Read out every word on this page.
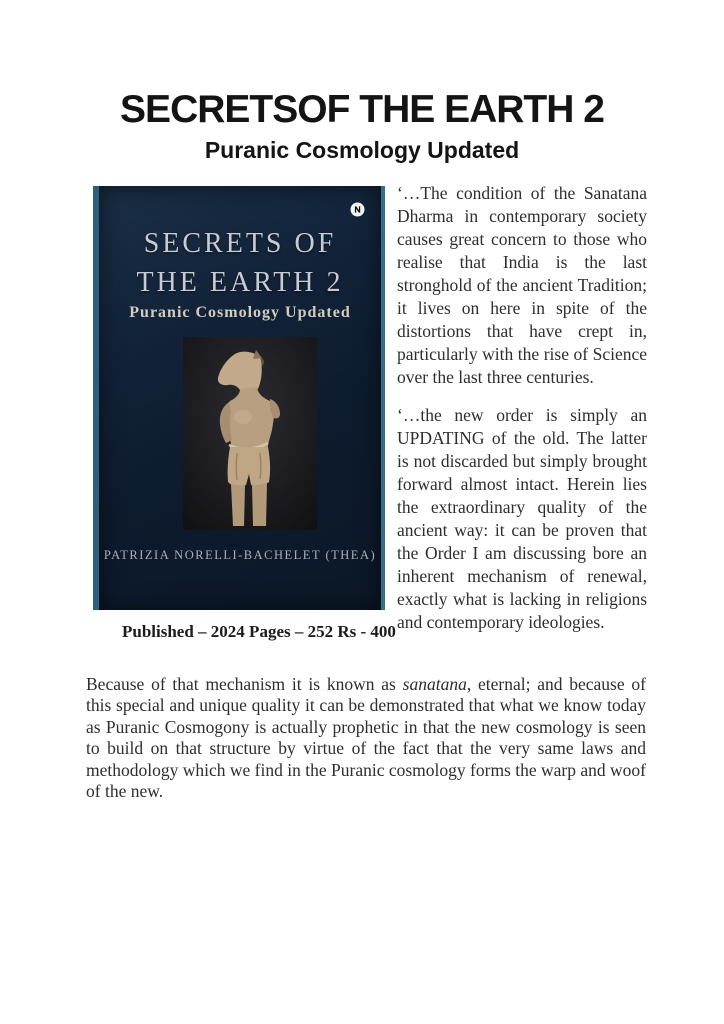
SECRETSOF THE EARTH 2
Puranic Cosmology Updated
SECRETS OF
THE EARTH 2
Puranic Cosmology Updated
PATRIZIA NORELLI-BACHELET (THEA)

‘…The condition of the Sanatana Dharma in contemporary society causes great concern to those who realise that India is the last stronghold of the ancient Tradition; it lives on here in spite of the distortions that have crept in, particularly with the rise of Science over the last three centuries.

‘…the new order is simply an UPDATING of the old. The latter is not discarded but simply brought forward almost intact. Herein lies the extraordinary quality of the ancient way: it can be proven that the Order I am discussing bore an inherent mechanism of renewal, exactly what is lacking in religions and contemporary ideologies.

Published – 2024 Pages – 252 Rs - 400

Because of that mechanism it is known as sanatana, eternal; and because of this special and unique quality it can be demonstrated that what we know today as Puranic Cosmogony is actually prophetic in that the new cosmology is seen to build on that structure by virtue of the fact that the very same laws and methodology which we find in the Puranic cosmology forms the warp and woof of the new.
